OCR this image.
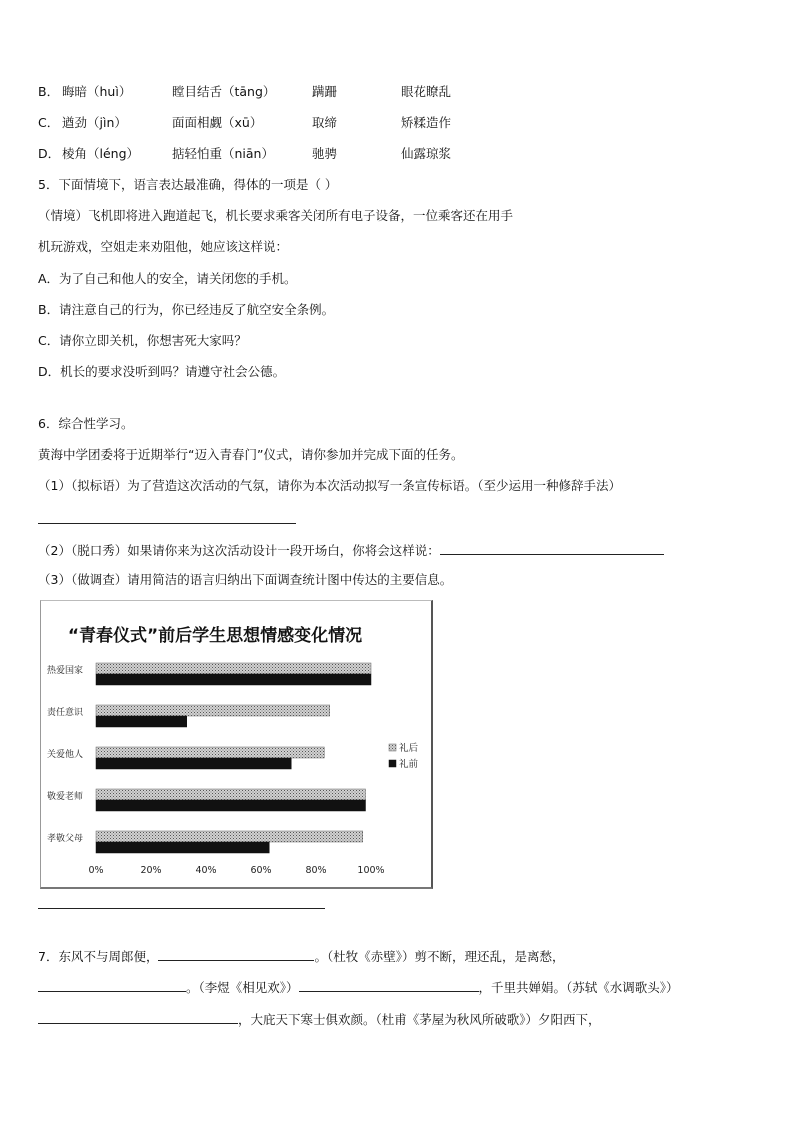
B． 晦暗（huì）	瞠目结舌（tāng）	蹒跚	眼花瞭乱
C． 遒劲（jìn）	面面相觑（xū）	取缔	矫糅造作
D． 棱角（léng）	掂轻怕重（niān）	驰骋	仙露琼浆
5．下面情境下，语言表达最准确，得体的一项是（ ）
（情境）飞机即将进入跑道起飞，机长要求乘客关闭所有电子设备，一位乘客还在用手
机玩游戏，空姐走来劝阻他，她应该这样说：
A．为了自己和他人的安全，请关闭您的手机。
B．请注意自己的行为，你已经违反了航空安全条例。
C．请你立即关机，你想害死大家吗？
D．机长的要求没听到吗？请遵守社会公德。
6．综合性学习。
黄海中学团委将于近期举行“迈入青春门”仪式，请你参加并完成下面的任务。
（1）（拟标语）为了营造这次活动的气氛，请你为本次活动拟写一条宣传标语。（至少运用一种修辞手法）
（2）（脱口秀）如果请你来为这次活动设计一段开场白，你将会这样说：
（3）（做调查）请用简洁的语言归纳出下面调查统计图中传达的主要信息。
“青春仪式”前后学生思想情感变化情况
热爱国家
责任意识
关爱他人
敬爱老师
孝敬父母
0%	20%	40%	60%	80%	100%
礼后
礼前
7．东风不与周郎便，	。（杜牧《赤壁》）剪不断，理还乱，是离愁，
。（李煜《相见欢》）	，千里共婵娟。（苏轼《水调歌头》）
，大庇天下寒士俱欢颜。（杜甫《茅屋为秋风所破歌》）夕阳西下，
